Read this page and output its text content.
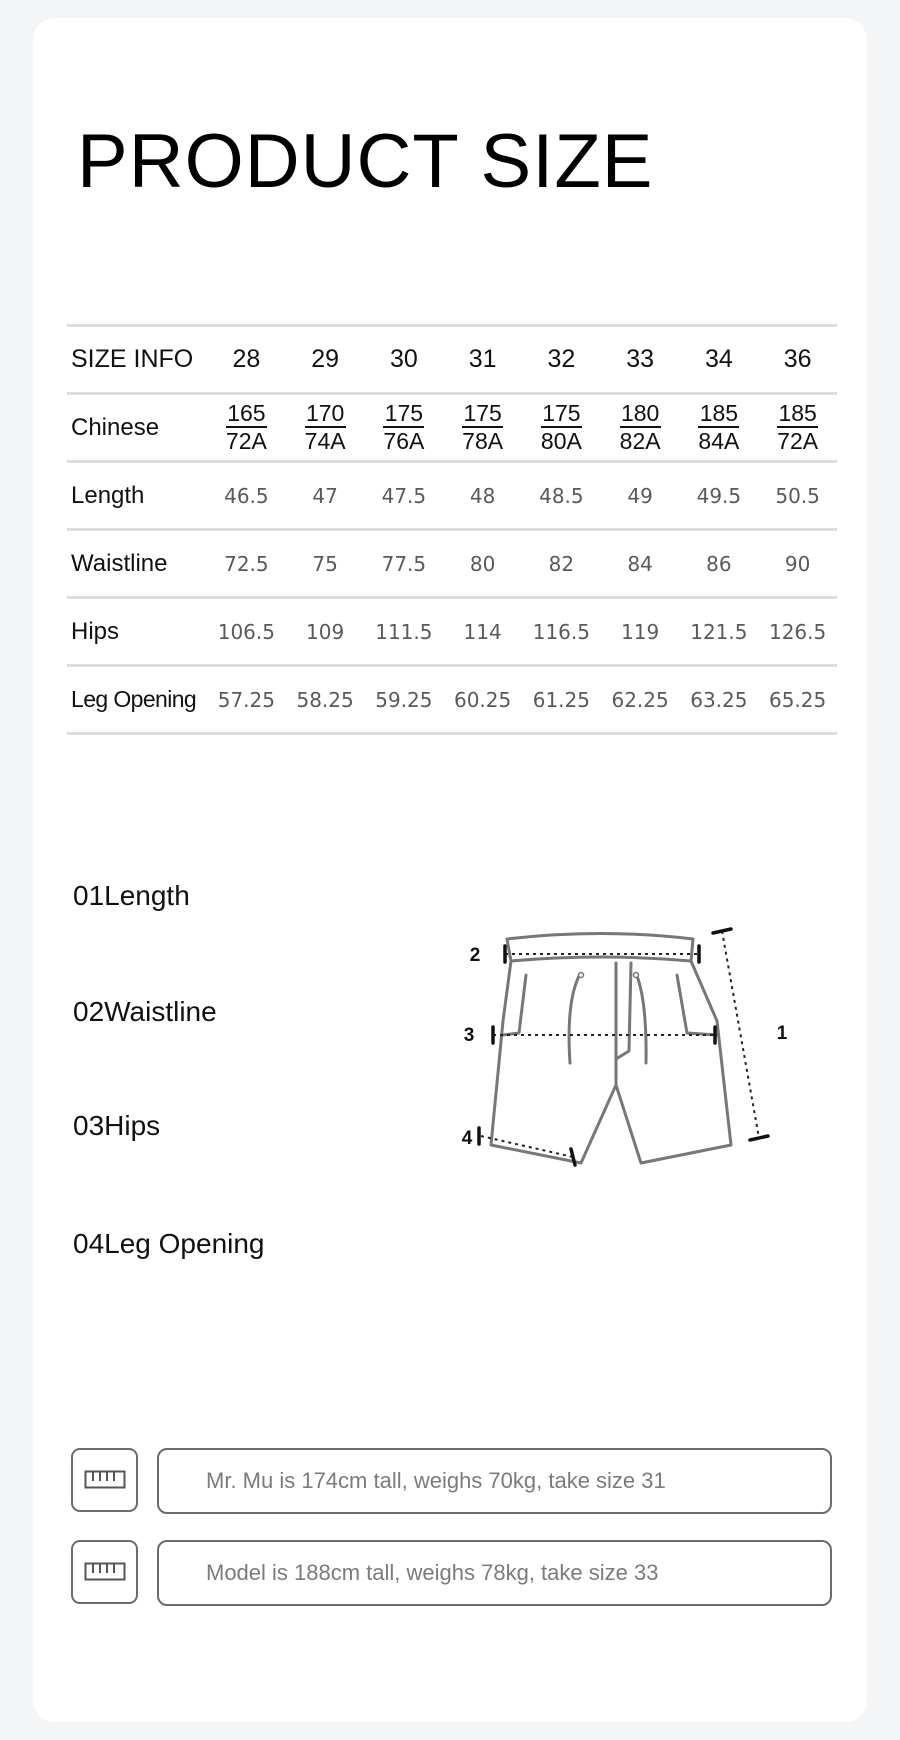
PRODUCT SIZE
SIZE INFO	28	29	30	31	32	33	34	36
Chinese	$\frac{165}{72A}$	$\frac{170}{74A}$	$\frac{175}{76A}$	$\frac{175}{78A}$	$\frac{175}{80A}$	$\frac{180}{82A}$	$\frac{185}{84A}$	$\frac{185}{72A}$

Length	46.5	47	47.5	48	48.5	49	49.5	50.5
Waistline	72.5	75	77.5	80	82	84	86	90
Hips	106.5	109	111.5	114	116.5	119	121.5	126.5
Leg Opening	57.25	58.25	59.25	60.25	61.25	62.25	63.25	65.25

01Length

02Waistline

03Hips

04Leg Opening

2
3
4
1
Mr. Mu is 174cm tall, weighs 70kg, take size 31
Model is 188cm tall, weighs 78kg, take size 33
